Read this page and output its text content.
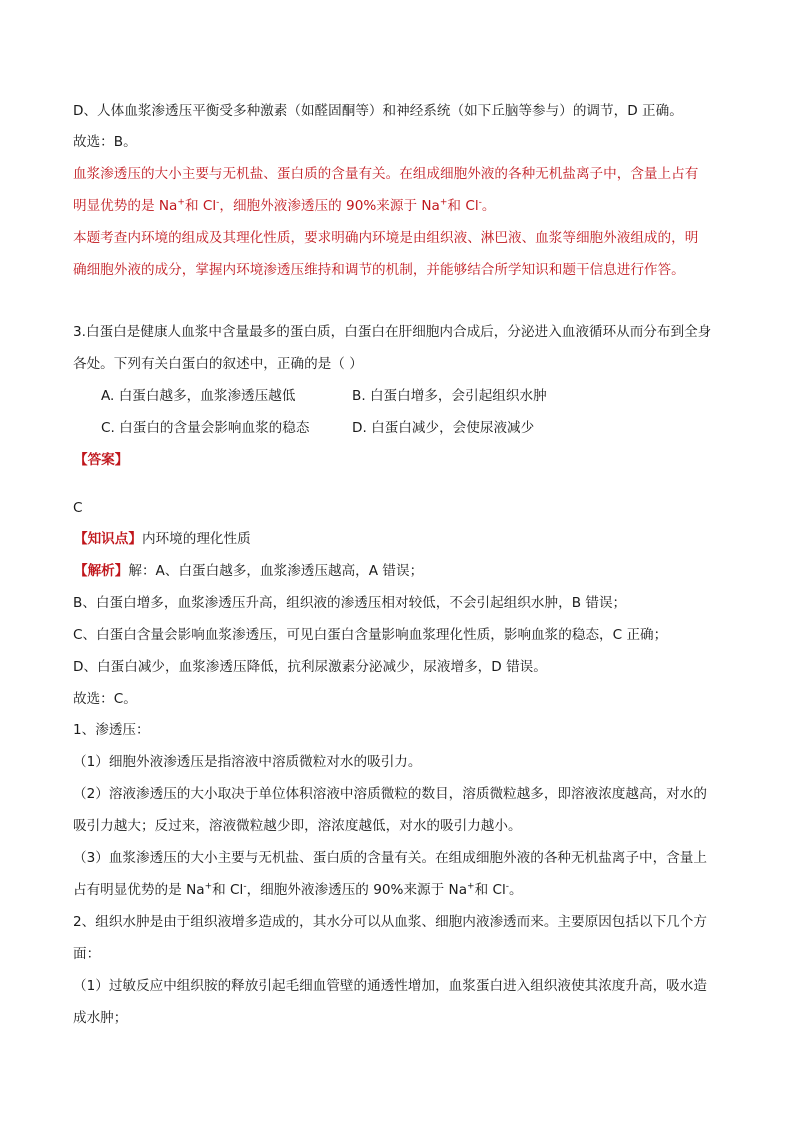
D、人体血浆渗透压平衡受多种激素（如醛固酮等）和神经系统（如下丘脑等参与）的调节，D 正确。
故选：B。
血浆渗透压的大小主要与无机盐、蛋白质的含量有关。在组成细胞外液的各种无机盐离子中，含量上占有
明显优势的是 Na+和 Cl-，细胞外液渗透压的 90%来源于 Na+和 Cl-。
本题考查内环境的组成及其理化性质，要求明确内环境是由组织液、淋巴液、血浆等细胞外液组成的，明
确细胞外液的成分，掌握内环境渗透压维持和调节的机制，并能够结合所学知识和题干信息进行作答。
3.白蛋白是健康人血浆中含量最多的蛋白质，白蛋白在肝细胞内合成后，分泌进入血液循环从而分布到全身
各处。下列有关白蛋白的叙述中，正确的是（ ）
A. 白蛋白越多，血浆渗透压越低	B. 白蛋白增多，会引起组织水肿
C. 白蛋白的含量会影响血浆的稳态	D. 白蛋白减少，会使尿液减少
【答案】
C
【知识点】内环境的理化性质
【解析】解：A、白蛋白越多，血浆渗透压越高，A 错误；
B、白蛋白增多，血浆渗透压升高，组织液的渗透压相对较低，不会引起组织水肿，B 错误；
C、白蛋白含量会影响血浆渗透压，可见白蛋白含量影响血浆理化性质，影响血浆的稳态，C 正确；
D、白蛋白减少，血浆渗透压降低，抗利尿激素分泌减少，尿液增多，D 错误。
故选：C。
1、渗透压：
（1）细胞外液渗透压是指溶液中溶质微粒对水的吸引力。
（2）溶液渗透压的大小取决于单位体积溶液中溶质微粒的数目，溶质微粒越多，即溶液浓度越高，对水的
吸引力越大；反过来，溶液微粒越少即，溶浓度越低，对水的吸引力越小。
（3）血浆渗透压的大小主要与无机盐、蛋白质的含量有关。在组成细胞外液的各种无机盐离子中，含量上
占有明显优势的是 Na+和 Cl-，细胞外液渗透压的 90%来源于 Na+和 Cl-。
2、组织水肿是由于组织液增多造成的，其水分可以从血浆、细胞内液渗透而来。主要原因包括以下几个方
面：
（1）过敏反应中组织胺的释放引起毛细血管壁的通透性增加，血浆蛋白进入组织液使其浓度升高，吸水造
成水肿；
